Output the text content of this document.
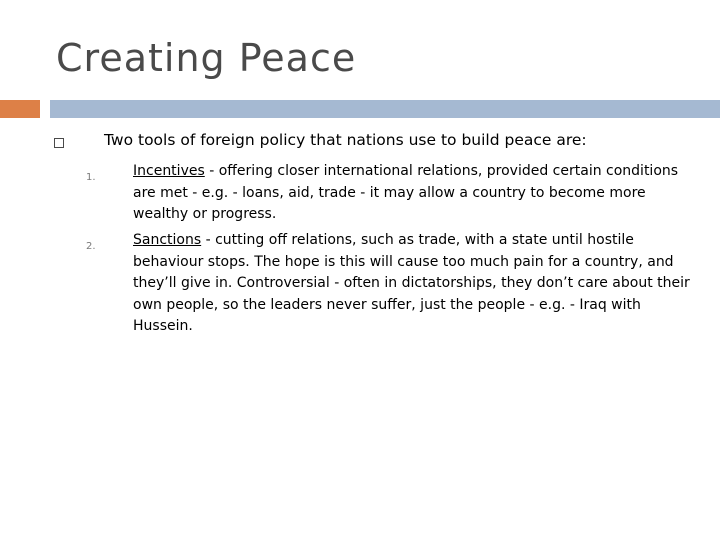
Creating Peace
Two tools of foreign policy that nations use to build peace are:
1.	Incentives - offering closer international relations, provided certain conditions are met - e.g. - loans, aid, trade - it may allow a country to become more wealthy or progress.
2.	Sanctions - cutting off relations, such as trade, with a state until hostile behaviour stops. The hope is this will cause too much pain for a country, and they’ll give in. Controversial - often in dictatorships, they don’t care about their own people, so the leaders never suffer, just the people - e.g. - Iraq with Hussein.
